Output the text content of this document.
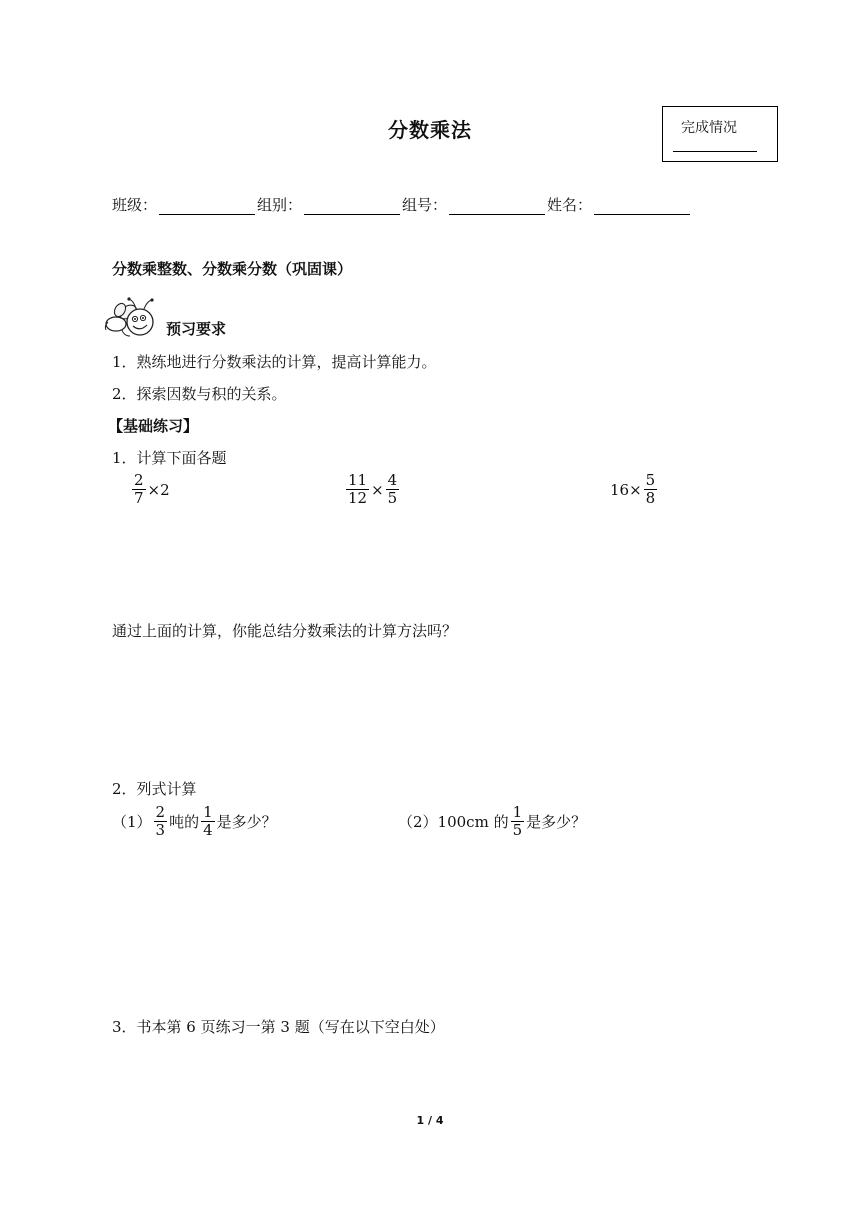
分数乘法	完成情况
班级：	组别：	组号：	姓名：
分数乘整数、分数乘分数（巩固课）
预习要求
1．熟练地进行分数乘法的计算，提高计算能力。
2．探索因数与积的关系。
【基础练习】
1．计算下面各题
$\frac{2}{7} \times 2$	$\frac{11}{12} \times \frac{4}{5}$	$16\times \frac{5}{8}$
通过上面的计算，你能总结分数乘法的计算方法吗？
2．列式计算
$(1) \frac{2}{3}$ 吨的 $\frac{1}{4}$ 是多少？	（2）100cm 的 $\frac{1}{5}$ 是多少？
3．书本第 6 页练习一第 3 题（写在以下空白处）
1 / 4
